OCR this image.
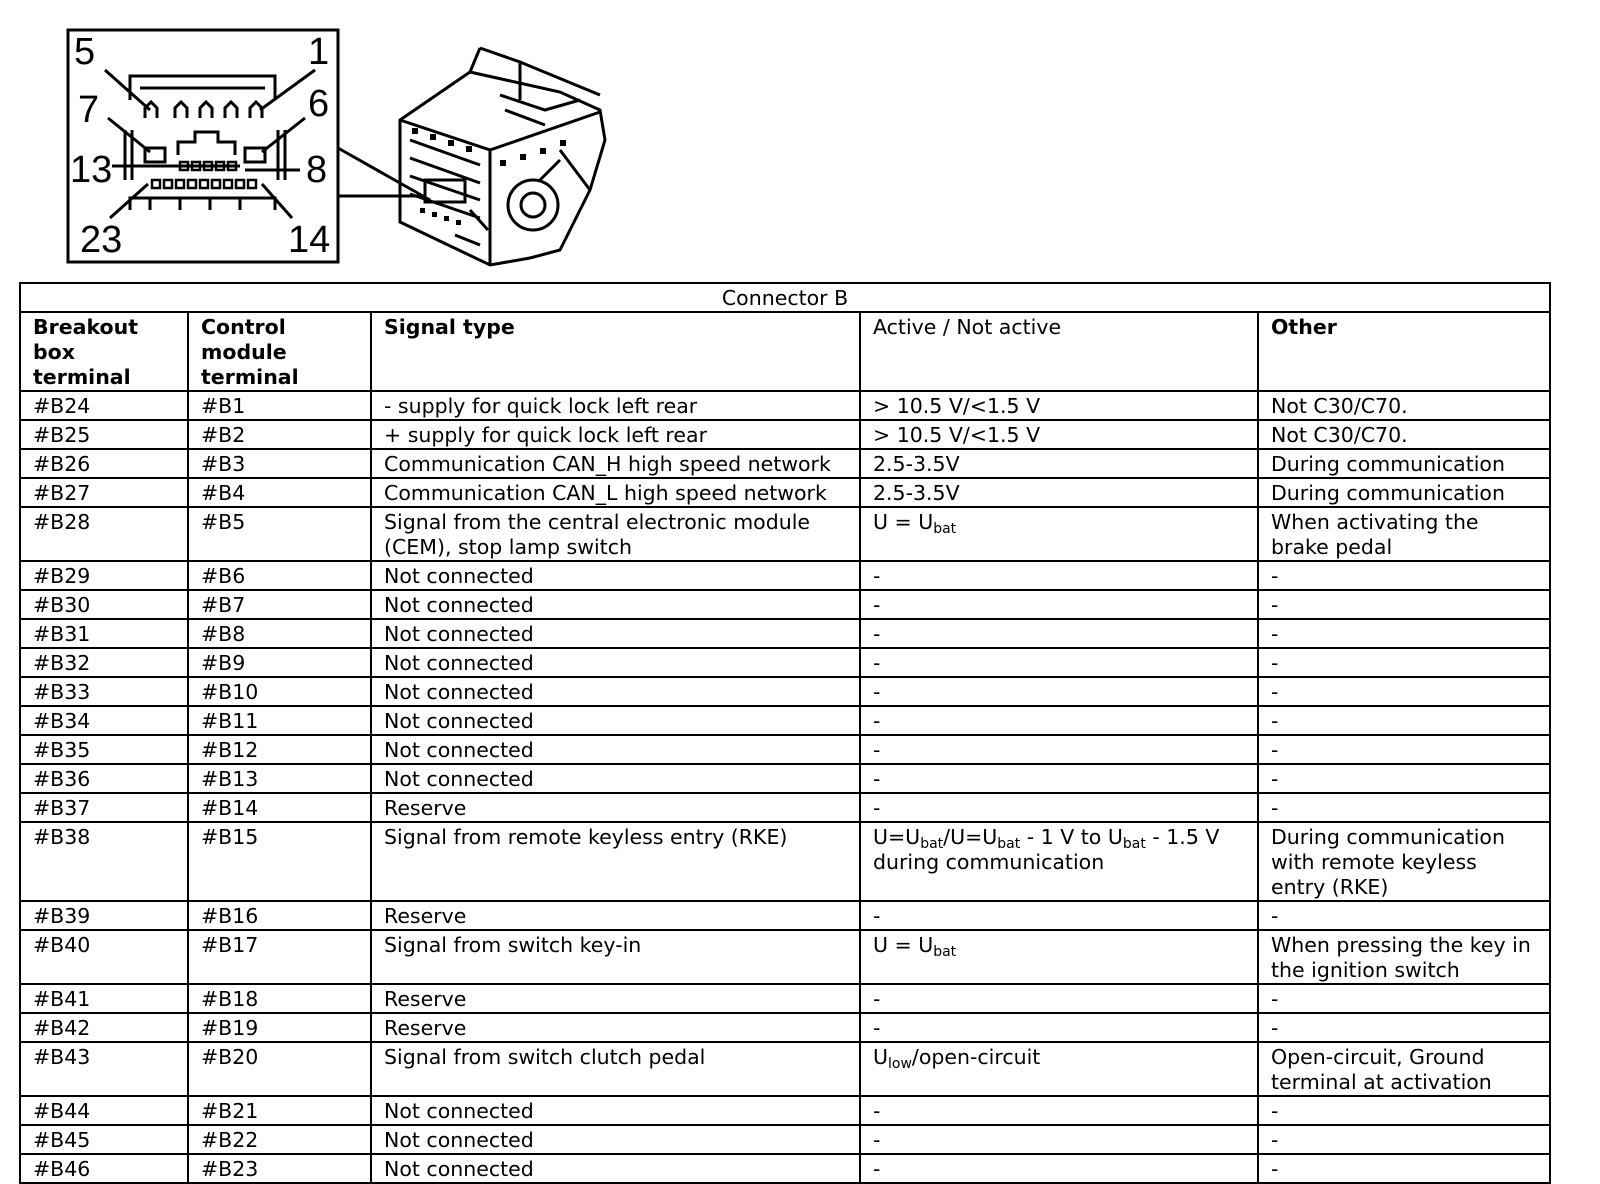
5	1
7	6
13	8
23	14
Connector B				
Breakout box terminal	Control module terminal	Signal type	Active / Not active	Other
#B24	#B1	- supply for quick lock left rear	> 10.5 V/<1.5 V	Not C30/C70.
#B25	#B2	+ supply for quick lock left rear	> 10.5 V/<1.5 V	Not C30/C70.
#B26	#B3	Communication CAN_H high speed network	2.5-3.5V	During communication
#B27	#B4	Communication CAN_L high speed network	2.5-3.5V	During communication
#B28	#B5	Signal from the central electronic module (CEM), stop lamp switch	$U = U_{bat}$	When activating the brake pedal
#B29	#B6	Not connected	-	-
#B30	#B7	Not connected	-	-
#B31	#B8	Not connected	-	-
#B32	#B9	Not connected	-	-
#B33	#B10	Not connected	-	-
#B34	#B11	Not connected	-	-
#B35	#B12	Not connected	-	-
#B36	#B13	Not connected	-	-
#B37	#B14	Reserve	-	-
#B38	#B15	Signal from remote keyless entry (RKE)	$U=U_{bat}/U=U_{bat} - 1$ V to $U_{bat} - 1.5$ V during communication	During communication with remote keyless entry (RKE)
#B39	#B16	Reserve	-	-
#B40	#B17	Signal from switch key-in	$U = U_{bat}$	When pressing the key in the ignition switch
#B41	#B18	Reserve	-	-
#B42	#B19	Reserve	-	-
#B43	#B20	Signal from switch clutch pedal	$U_{low}/open$-circuit	Open-circuit, Ground terminal at activation
#B44	#B21	Not connected	-	-
#B45	#B22	Not connected	-	-
#B46	#B23	Not connected	-	-
